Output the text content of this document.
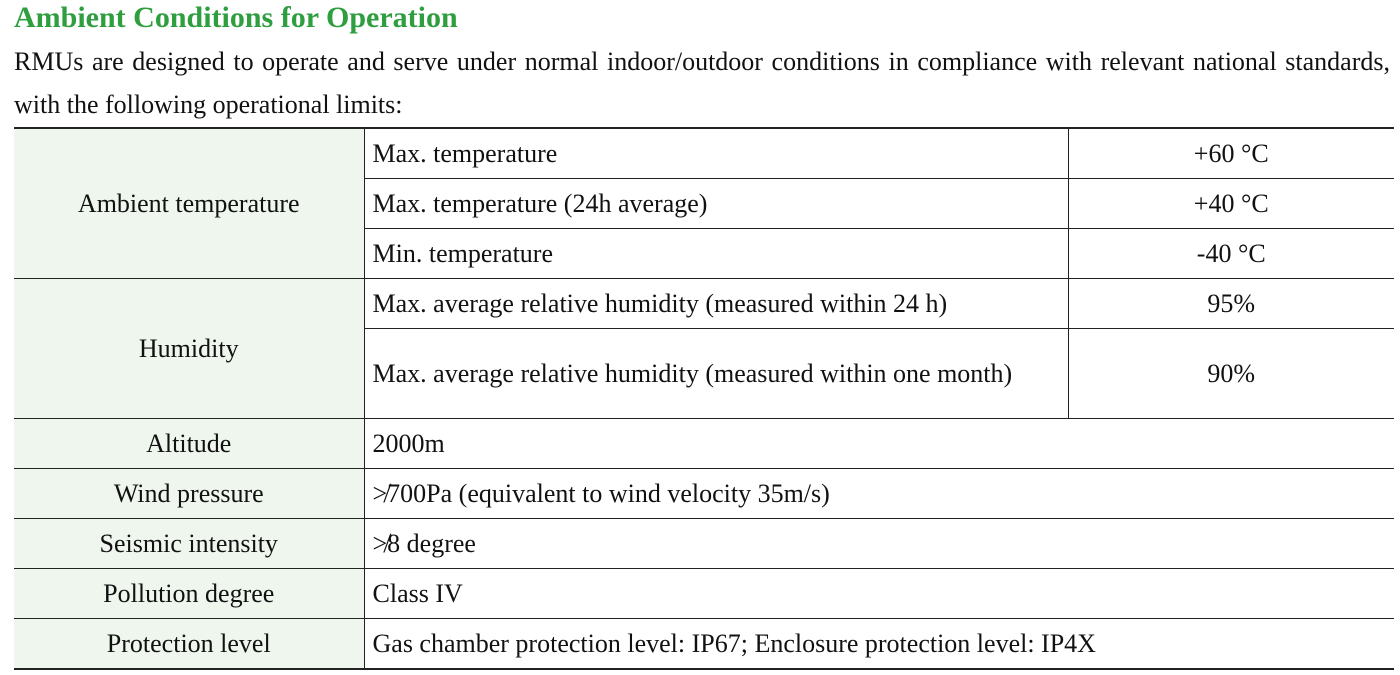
Ambient Conditions for Operation
RMUs are designed to operate and serve under normal indoor/outdoor conditions in compliance with relevant national standards, with the following operational limits:
Ambient temperature	Max. temperature	+60 °C
	Max. temperature (24h average)	+40 °C
	Min. temperature	-40 °C
Humidity	Max. average relative humidity (measured within 24 h)	95%
	Max. average relative humidity (measured within one month)	90%
Altitude	2000m	
Wind pressure	≯700Pa (equivalent to wind velocity 35m/s)	
Seismic intensity	≯8 degree	
Pollution degree	Class IV	
Protection level	Gas chamber protection level: IP67; Enclosure protection level: IP4X	
